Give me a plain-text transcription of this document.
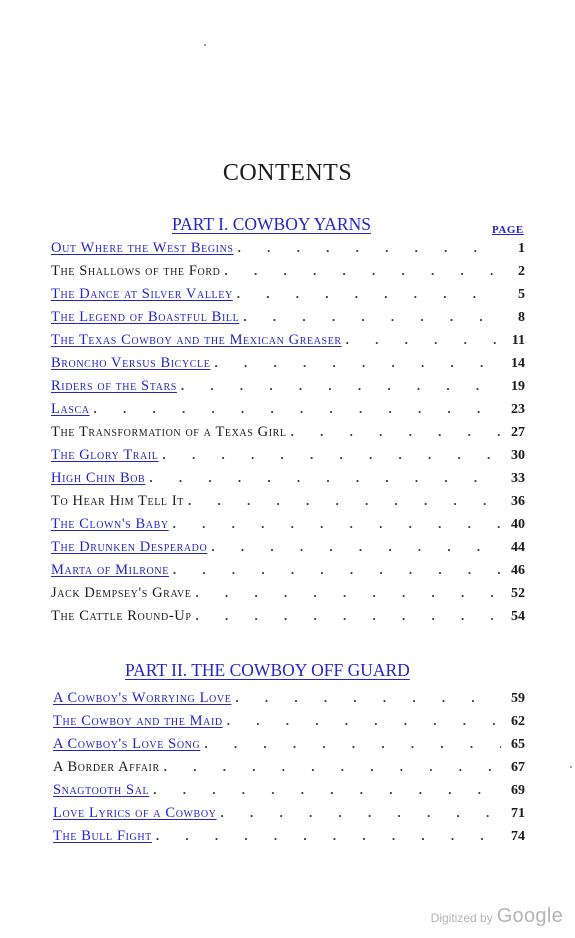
CONTENTS
PART I. COWBOY YARNS	PAGE
Out Where the West Begins . . .	1
The Shallows of the Ford . . .	2
The Dance at Silver Valley . . .	5
The Legend of Boastful Bill . . .	8
The Texas Cowboy and the Mexican Greaser . . .	11
Broncho Versus Bicycle . . .	14
Riders of the Stars . . .	19
Lasca . . .	23
The Transformation of a Texas Girl . . .	27
The Glory Trail . . .	30
High Chin Bob . . .	33
To Hear Him Tell It . . .	36
The Clown's Baby . . .	40
The Drunken Desperado . . .	44
Marta of Milrone . . .	46
Jack Dempsey's Grave . . .	52
The Cattle Round-Up . . .	54
PART II. THE COWBOY OFF GUARD
A Cowboy's Worrying Love . . .	59
The Cowboy and the Maid . . .	62
A Cowboy's Love Song . . .	65
A Border Affair . . .	67
Snagtooth Sal . . .	69
Love Lyrics of a Cowboy . . .	71
The Bull Fight . . .	74
Digitized by Google
